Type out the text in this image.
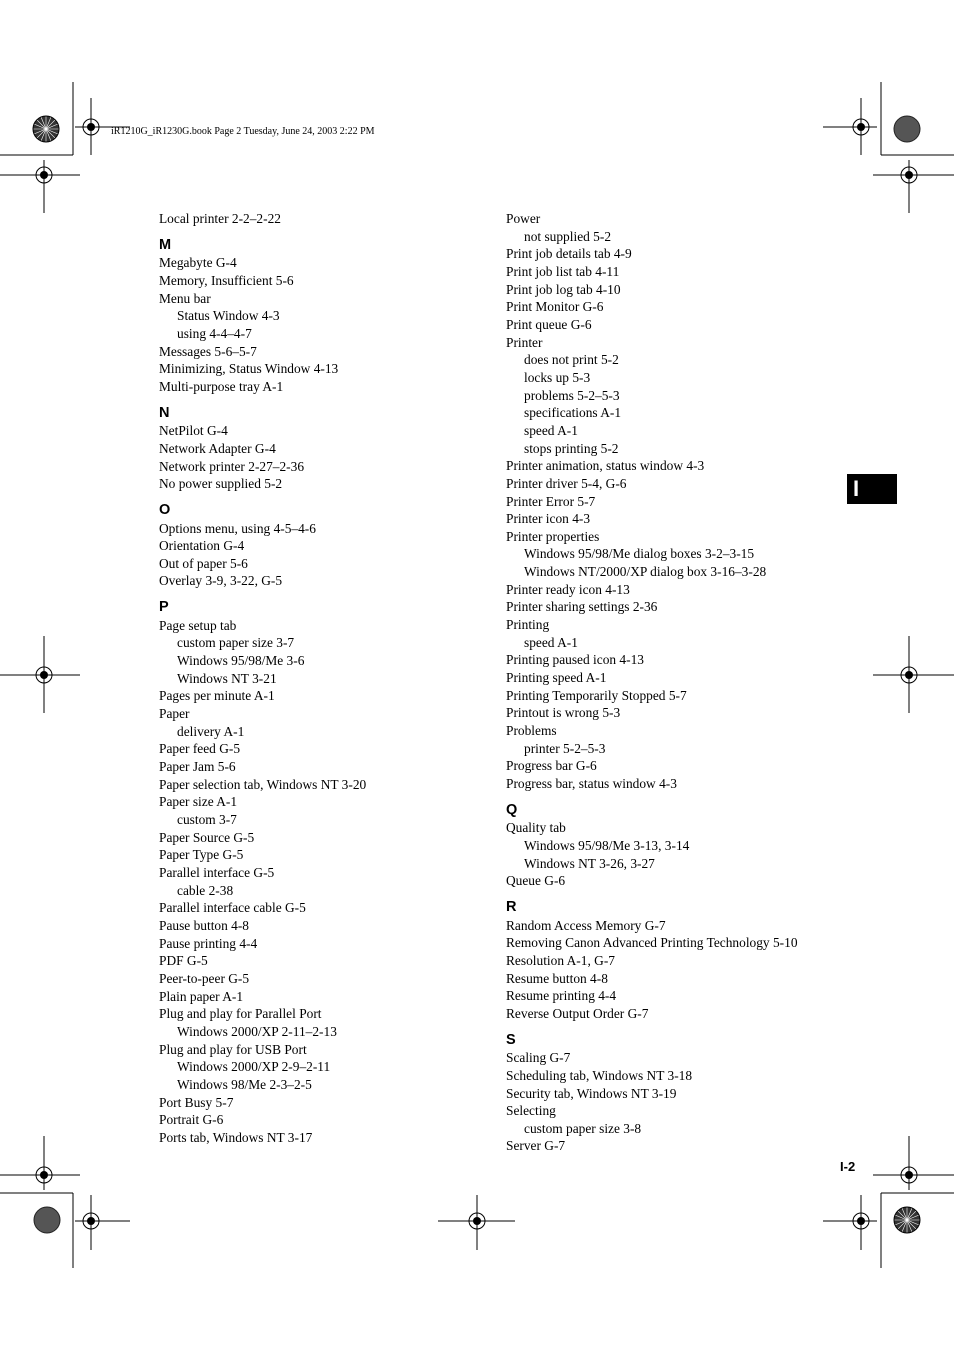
iR1210G_iR1230G.book Page 2 Tuesday, June 24, 2003 2:22 PM
Local printer 2-2–2-22
M
Megabyte G-4
Memory, Insufficient 5-6
Menu bar
Status Window 4-3
using 4-4–4-7
Messages 5-6–5-7
Minimizing, Status Window 4-13
Multi-purpose tray A-1
N
NetPilot G-4
Network Adapter G-4
Network printer 2-27–2-36
No power supplied 5-2
O
Options menu, using 4-5–4-6
Orientation G-4
Out of paper 5-6
Overlay 3-9, 3-22, G-5
P
Page setup tab
custom paper size 3-7
Windows 95/98/Me 3-6
Windows NT 3-21
Pages per minute A-1
Paper
delivery A-1
Paper feed G-5
Paper Jam 5-6
Paper selection tab, Windows NT 3-20
Paper size A-1
custom 3-7
Paper Source G-5
Paper Type G-5
Parallel interface G-5
cable 2-38
Parallel interface cable G-5
Pause button 4-8
Pause printing 4-4
PDF G-5
Peer-to-peer G-5
Plain paper A-1
Plug and play for Parallel Port
Windows 2000/XP 2-11–2-13
Plug and play for USB Port
Windows 2000/XP 2-9–2-11
Windows 98/Me 2-3–2-5
Port Busy 5-7
Portrait G-6
Ports tab, Windows NT 3-17
Power
not supplied 5-2
Print job details tab 4-9
Print job list tab 4-11
Print job log tab 4-10
Print Monitor G-6
Print queue G-6
Printer
does not print 5-2
locks up 5-3
problems 5-2–5-3
specifications A-1
speed A-1
stops printing 5-2
Printer animation, status window 4-3
Printer driver 5-4, G-6
Printer Error 5-7
Printer icon 4-3
Printer properties
Windows 95/98/Me dialog boxes 3-2–3-15
Windows NT/2000/XP dialog box 3-16–3-28
Printer ready icon 4-13
Printer sharing settings 2-36
Printing
speed A-1
Printing paused icon 4-13
Printing speed A-1
Printing Temporarily Stopped 5-7
Printout is wrong 5-3
Problems
printer 5-2–5-3
Progress bar G-6
Progress bar, status window 4-3
Q
Quality tab
Windows 95/98/Me 3-13, 3-14
Windows NT 3-26, 3-27
Queue G-6
R
Random Access Memory G-7
Removing Canon Advanced Printing Technology 5-10
Resolution A-1, G-7
Resume button 4-8
Resume printing 4-4
Reverse Output Order G-7
S
Scaling G-7
Scheduling tab, Windows NT 3-18
Security tab, Windows NT 3-19
Selecting
custom paper size 3-8
Server G-7
I
I-2
